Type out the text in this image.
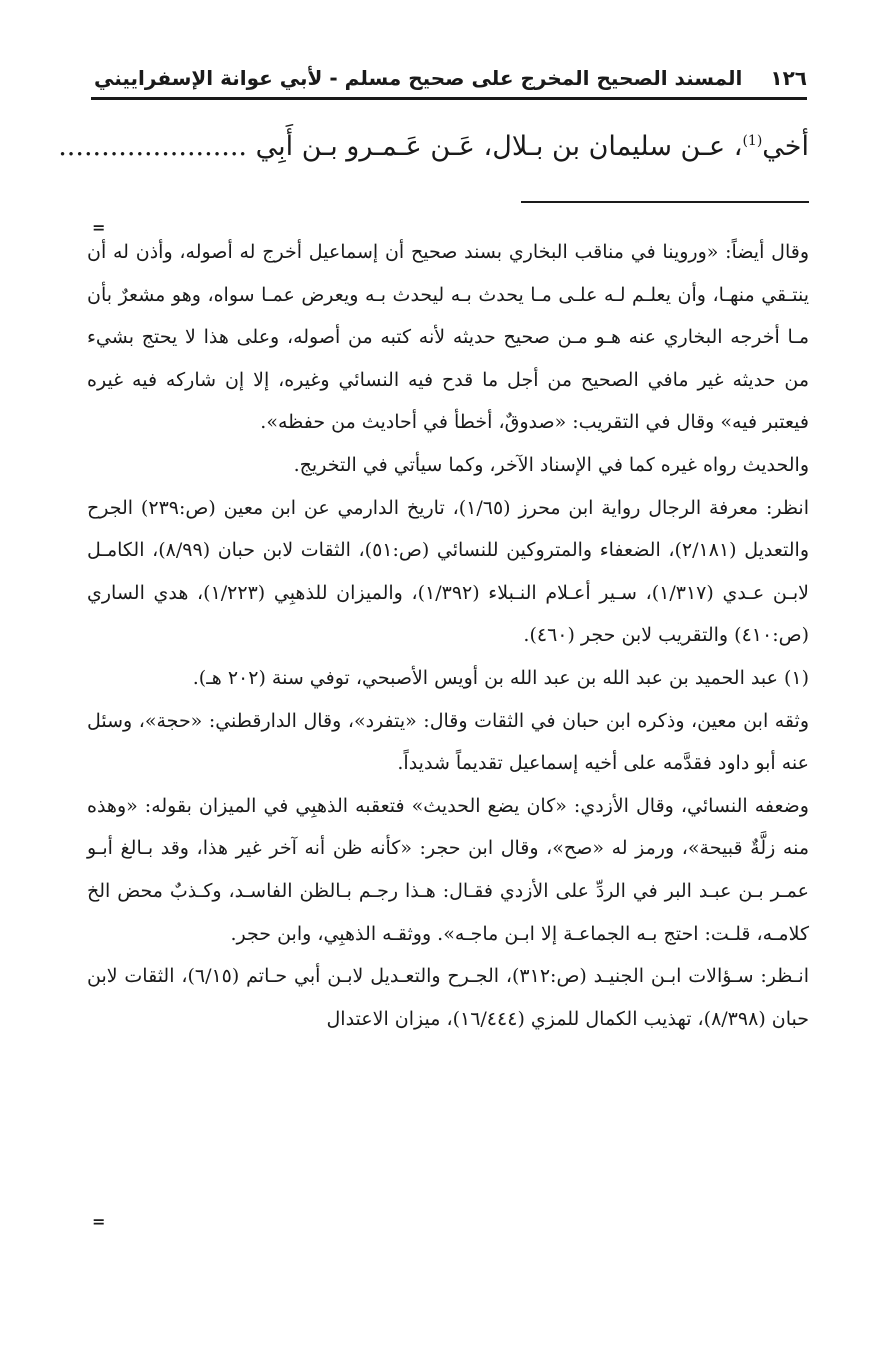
١٢٦
المسند الصحيح المخرج على صحيح مسلم - لأبي عوانة الإسفراييني
أخي$^{(1)}$، عـن سليمان بن بـلال، عَـن عَـمـرو بـن أَبِي ......................
=

وقال أيضاً: «وروينا في مناقب البخاري بسند صحيح أن إسماعيل أخرج له أصوله، وأذن له أن ينتـقي منهـا، وأن يعلـم لـه علـى مـا يحدث بـه ليحدث بـه ويعرض عمـا سواه، وهو مشعرٌ بأن مـا أخرجه البخاري عنه هـو مـن صحيح حديثه لأنه كتبه من أصوله، وعلى هذا لا يحتج بشيء من حديثه غير مافي الصحيح من أجل ما قدح فيه النسائي وغيره، إلا إن شاركه فيه غيره فيعتبر فيه» وقال في التقريب: «صدوقٌ، أخطأ في أحاديث من حفظه».

والحديث رواه غيره كما في الإسناد الآخر، وكما سيأتي في التخريج.

انظر: معرفة الرجال رواية ابن محرز (١/٦٥)، تاريخ الدارمي عن ابن معين (ص:٢٣٩) الجرح والتعديل (٢/١٨١)، الضعفاء والمتروكين للنسائي (ص:٥١)، الثقات لابن حبان (٨/٩٩)، الكامـل لابـن عـدي (١/٣١٧)، سـير أعـلام النـبلاء (١/٣٩٢)، والميزان للذهبِي (١/٢٢٣)، هدي الساري (ص:٤١٠) والتقريب لابن حجر (٤٦٠).

(١)عبد الحميد بن عبد الله بن عبد الله بن أويس الأصبحي، توفي سنة (٢٠٢ هـ).

وثقه ابن معين، وذكره ابن حبان في الثقات وقال: «يتفرد»، وقال الدارقطني: «حجة»، وسئل عنه أبو داود فقدَّمه على أخيه إسماعيل تقديماً شديداً.

وضعفه النسائي، وقال الأزدي: «كان يضع الحديث» فتعقبه الذهبِي في الميزان بقوله: «وهذه منه زلَّةٌ قبيحة»، ورمز له «صح»، وقال ابن حجر: «كأنه ظن أنه آخر غير هذا، وقد بـالغ أبـو عمـر بـن عبـد البر في الردِّ على الأزدي فقـال: هـذا رجـم بـالظن الفاسـد، وكـذبٌ محض الخ كلامـه، قلـت: احتج بـه الجماعـة إلا ابـن ماجـه». ووثقـه الذهبِي، وابن حجر.

انـظر: سـؤالات ابـن الجنيـد (ص:٣١٢)، الجـرح والتعـديل لابـن أبي حـاتم (٦/١٥)، الثقات لابن حبان (٨/٣٩٨)، تهذيب الكمال للمزي (١٦/٤٤٤)، ميزان الاعتدال

=
